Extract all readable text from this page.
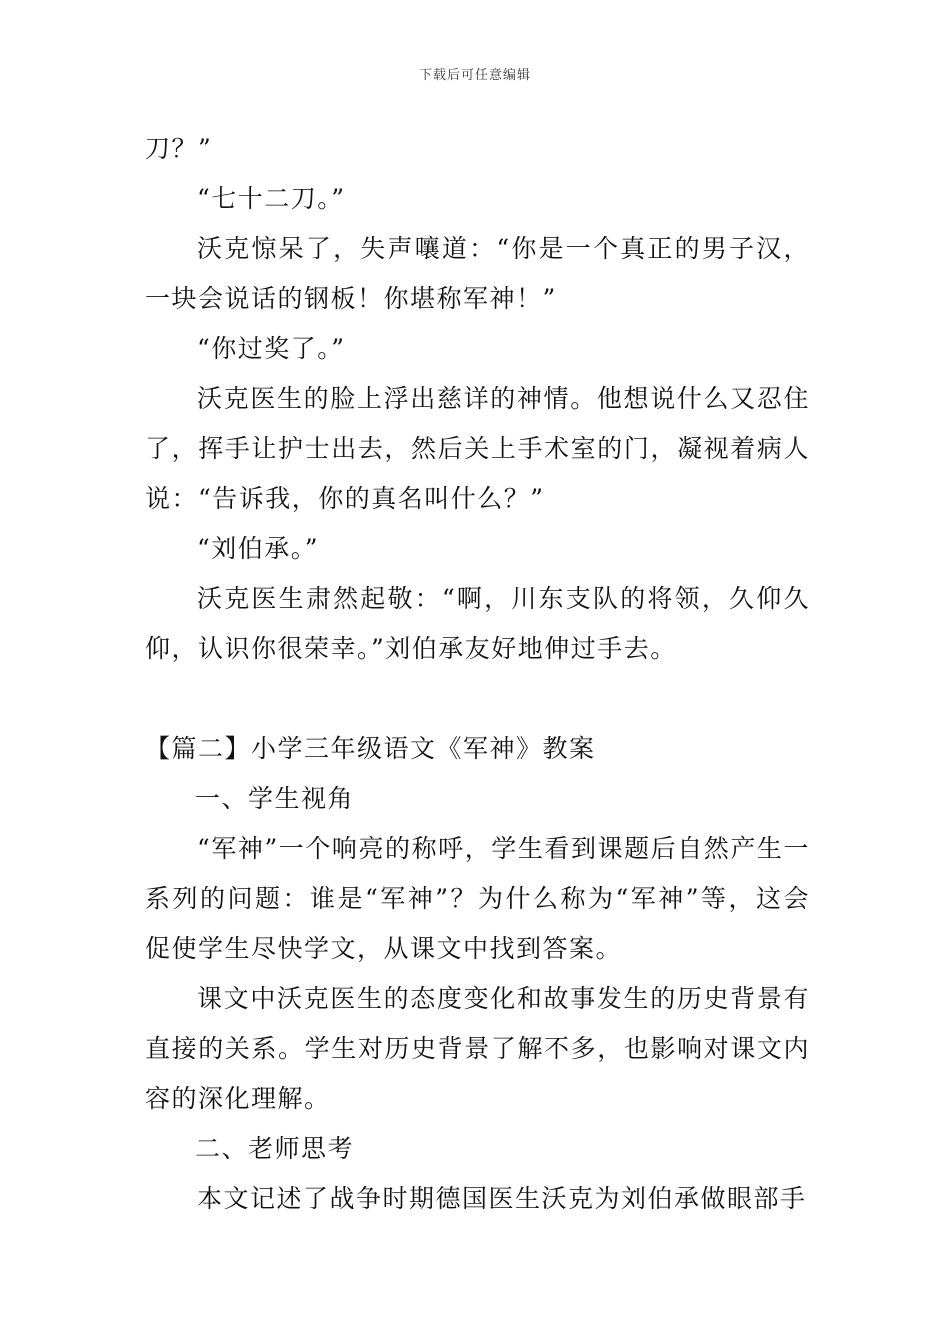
下载后可任意编辑

刀？”

“七十二刀。”

沃克惊呆了，失声嚷道：“你是一个真正的男子汉，一块会说话的钢板！你堪称军神！”

“你过奖了。”

沃克医生的脸上浮出慈详的神情。他想说什么又忍住了，挥手让护士出去，然后关上手术室的门，凝视着病人说：“告诉我，你的真名叫什么？”

“刘伯承。”

沃克医生肃然起敬：“啊，川东支队的将领，久仰久仰，认识你很荣幸。”刘伯承友好地伸过手去。

【篇二】小学三年级语文《军神》教案

一、学生视角

“军神”一个响亮的称呼，学生看到课题后自然产生一系列的问题：谁是“军神”？为什么称为“军神”等，这会促使学生尽快学文，从课文中找到答案。

课文中沃克医生的态度变化和故事发生的历史背景有直接的关系。学生对历史背景了解不多，也影响对课文内容的深化理解。

二、老师思考

本文记述了战争时期德国医生沃克为刘伯承做眼部手
